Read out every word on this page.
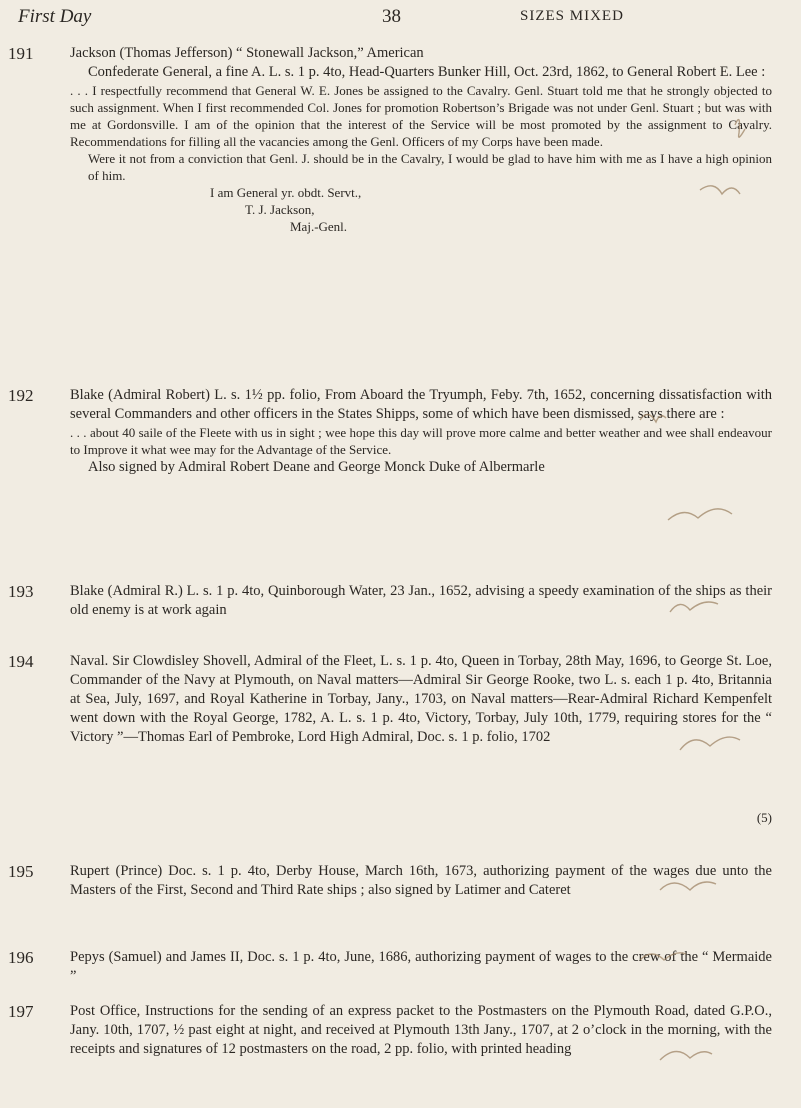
First Day	38	SIZES MIXED
191	Jackson (Thomas Jefferson) “ Stonewall Jackson,” American

Confederate General, a fine A. L. s. 1 p. 4to, Head-Quarters Bunker Hill, Oct. 23rd, 1862, to General Robert E. Lee :

. . . I respectfully recommend that General W. E. Jones be assigned to the Cavalry. Genl. Stuart told me that he strongly objected to such assignment. When I first recommended Col. Jones for promotion Robertson’s Brigade was not under Genl. Stuart ; but was with me at Gordonsville. I am of the opinion that the interest of the Service will be most promoted by the assignment to Cavalry. Recommendations for filling all the vacancies among the Genl. Officers of my Corps have been made.

Were it not from a conviction that Genl. J. should be in the Cavalry, I would be glad to have him with me as I have a high opinion of him.

I am General yr. obdt. Servt.,

T. J. Jackson,

Maj.-Genl.

192	Blake (Admiral Robert) L. s. 1½ pp. folio, From Aboard the Tryumph, Feby. 7th, 1652, concerning dissatisfaction with several Commanders and other officers in the States Shipps, some of which have been dismissed, says there are :

. . . about 40 saile of the Fleete with us in sight ; wee hope this day will prove more calme and better weather and wee shall endeavour to Improve it what wee may for the Advantage of the Service.

Also signed by Admiral Robert Deane and George Monck Duke of Albermarle

193	Blake (Admiral R.) L. s. 1 p. 4to, Quinborough Water, 23 Jan., 1652, advising a speedy examination of the ships as their old enemy is at work again

194	Naval. Sir Clowdisley Shovell, Admiral of the Fleet, L. s. 1 p. 4to, Queen in Torbay, 28th May, 1696, to George St. Loe, Commander of the Navy at Plymouth, on Naval matters—Admiral Sir George Rooke, two L. s. each 1 p. 4to, Britannia at Sea, July, 1697, and Royal Katherine in Torbay, Jany., 1703, on Naval matters—Rear-Admiral Richard Kempenfelt went down with the Royal George, 1782, A. L. s. 1 p. 4to, Victory, Torbay, July 10th, 1779, requiring stores for the “ Victory ”—Thomas Earl of Pembroke, Lord High Admiral, Doc. s. 1 p. folio, 1702

(5)
195	Rupert (Prince) Doc. s. 1 p. 4to, Derby House, March 16th, 1673, authorizing payment of the wages due unto the Masters of the First, Second and Third Rate ships ; also signed by Latimer and Cateret

196	Pepys (Samuel) and James II, Doc. s. 1 p. 4to, June, 1686, authorizing payment of wages to the crew of the “ Mermaide ”

197	Post Office, Instructions for the sending of an express packet to the Postmasters on the Plymouth Road, dated G.P.O., Jany. 10th, 1707, ½ past eight at night, and received at Plymouth 13th Jany., 1707, at 2 o’clock in the morning, with the receipts and signatures of 12 postmasters on the road, 2 pp. folio, with printed heading
